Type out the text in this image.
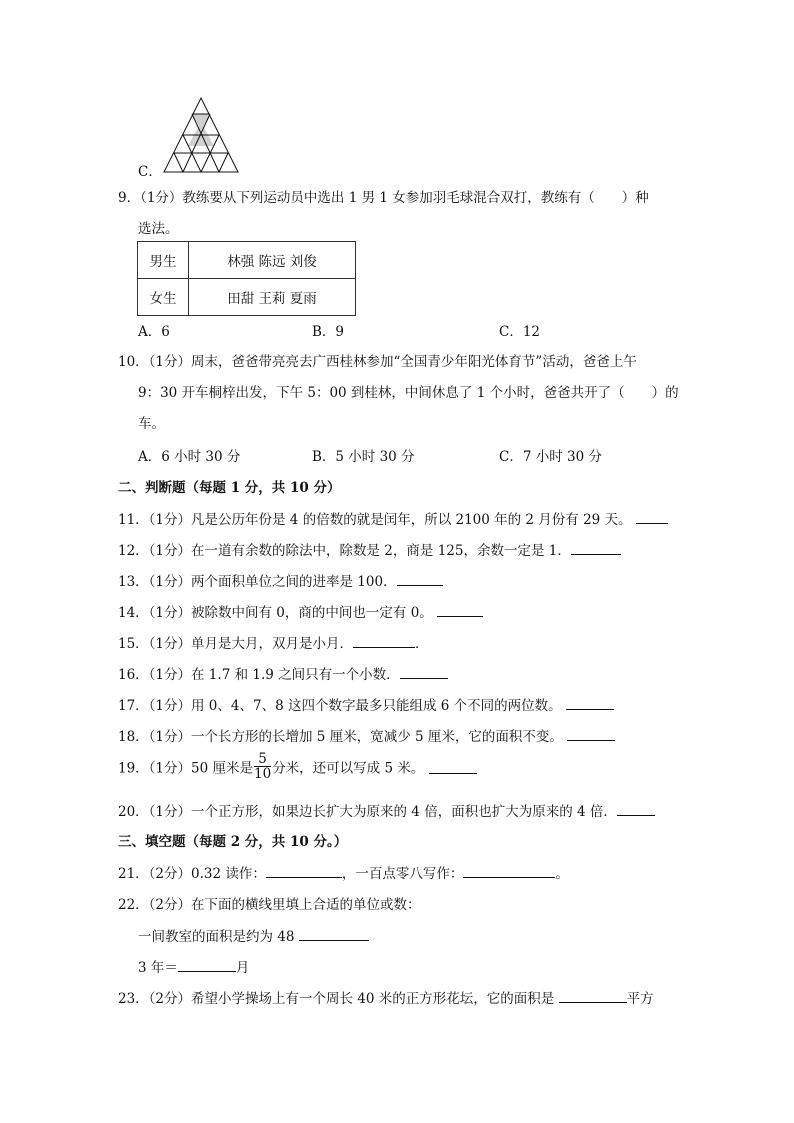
C．
9．（1分）教练要从下列运动员中选出 1 男 1 女参加羽毛球混合双打，教练有（　　）种
选法。
男生	林强 陈远 刘俊
女生	田甜 王莉 夏雨
A．6	B．9	C．12
10．（1分）周末，爸爸带亮亮去广西桂林参加“全国青少年阳光体育节”活动，爸爸上午
9：30 开车桐梓出发，下午 5：00 到桂林，中间休息了 1 个小时，爸爸共开了（　　）的
车。
A．6 小时 30 分	B．5 小时 30 分	C．7 小时 30 分
二、判断题（每题 1 分，共 10 分）
11．（1分）凡是公历年份是 4 的倍数的就是闰年，所以 2100 年的 2 月份有 29 天。
12．（1分）在一道有余数的除法中，除数是 2，商是 125，余数一定是 1．
13．（1分）两个面积单位之间的进率是 100．
14．（1分）被除数中间有 0，商的中间也一定有 0。
15．（1分）单月是大月，双月是小月．	．
16．（1分）在 1.7 和 1.9 之间只有一个小数．
17．（1分）用 0、4、7、8 这四个数字最多只能组成 6 个不同的两位数。
18．（1分）一个长方形的长增加 5 厘米，宽减少 5 厘米，它的面积不变。
19．（1分）50 厘米是 $\frac{5}{10}$ 分米，还可以写成 5 米。
20．（1分）一个正方形，如果边长扩大为原来的 4 倍，面积也扩大为原来的 4 倍．
三、填空题（每题 2 分，共 10 分。）
21．（2分）0.32 读作：	，一百点零八写作：	。
22．（2分）在下面的横线里填上合适的单位或数：
一间教室的面积是约为 48
3 年＝	月
23．（2分）希望小学操场上有一个周长 40 米的正方形花坛，它的面积是	平方
